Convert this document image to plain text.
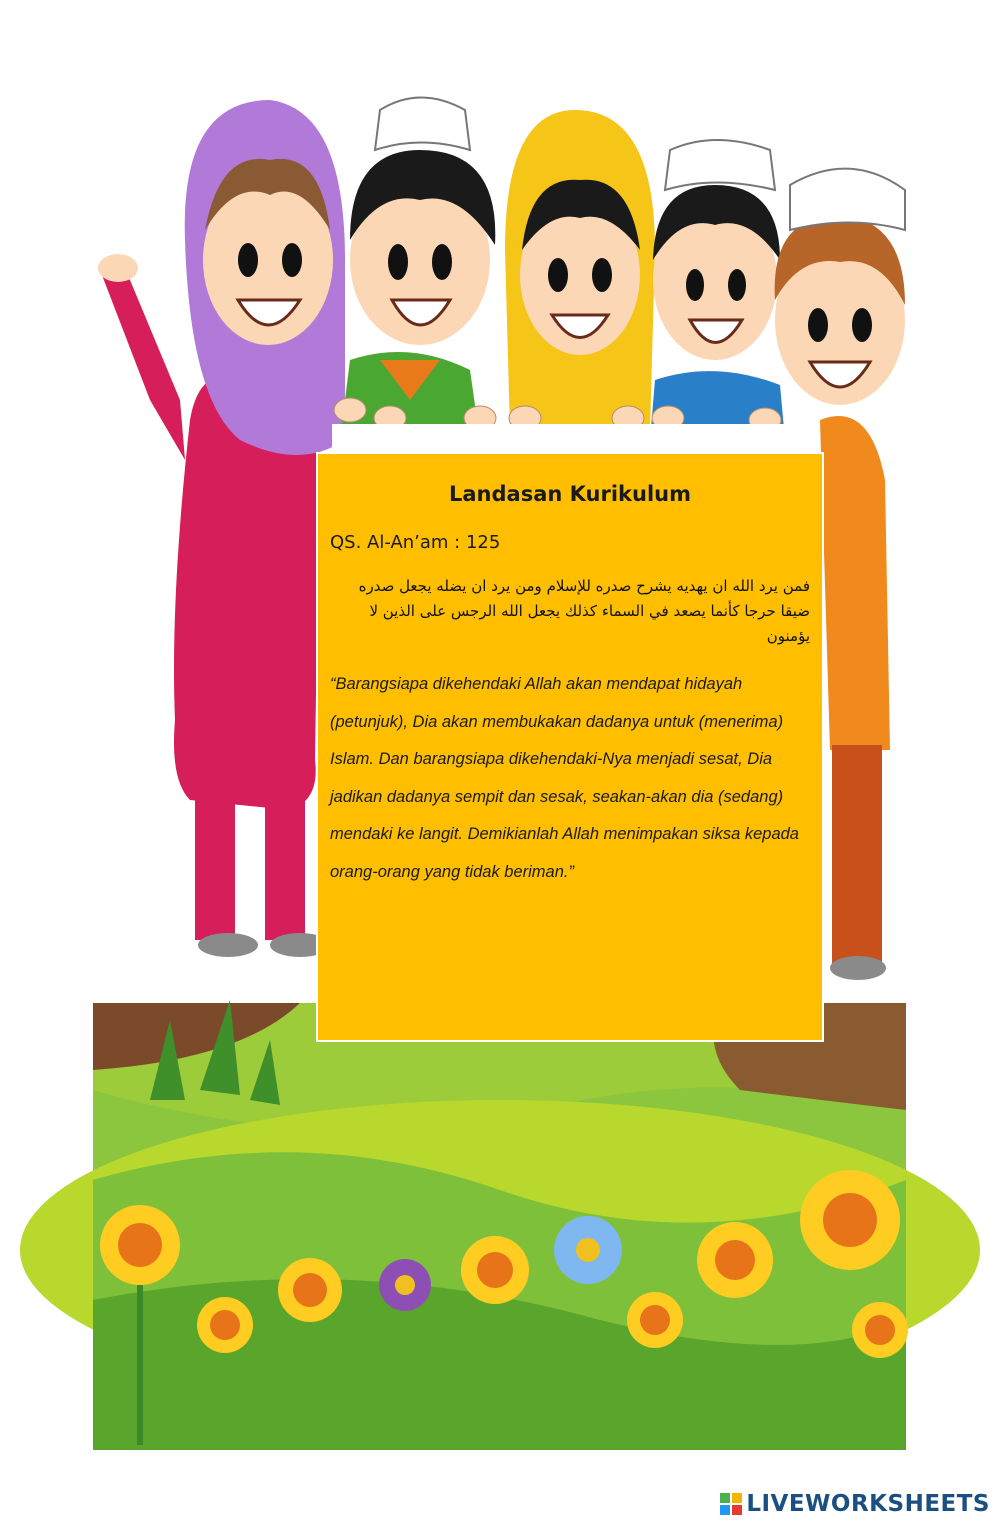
Landasan Kurikulum
QS. Al-An’am : 125
فمن يرد الله ان يهديه يشرح صدره للإسلام ومن يرد ان يضله يجعل صدره ضيقا حرجا كأنما يصعد في السماء كذلك يجعل الله الرجس على الذين لا يؤمنون
“Barangsiapa dikehendaki Allah akan mendapat hidayah (petunjuk), Dia akan membukakan dadanya untuk (menerima) Islam. Dan barangsiapa dikehendaki-Nya menjadi sesat, Dia jadikan dadanya sempit dan sesak, seakan-akan dia (sedang) mendaki ke langit. Demikianlah Allah menimpakan siksa kepada orang-orang yang tidak beriman.”
LIVEWORKSHEETS
